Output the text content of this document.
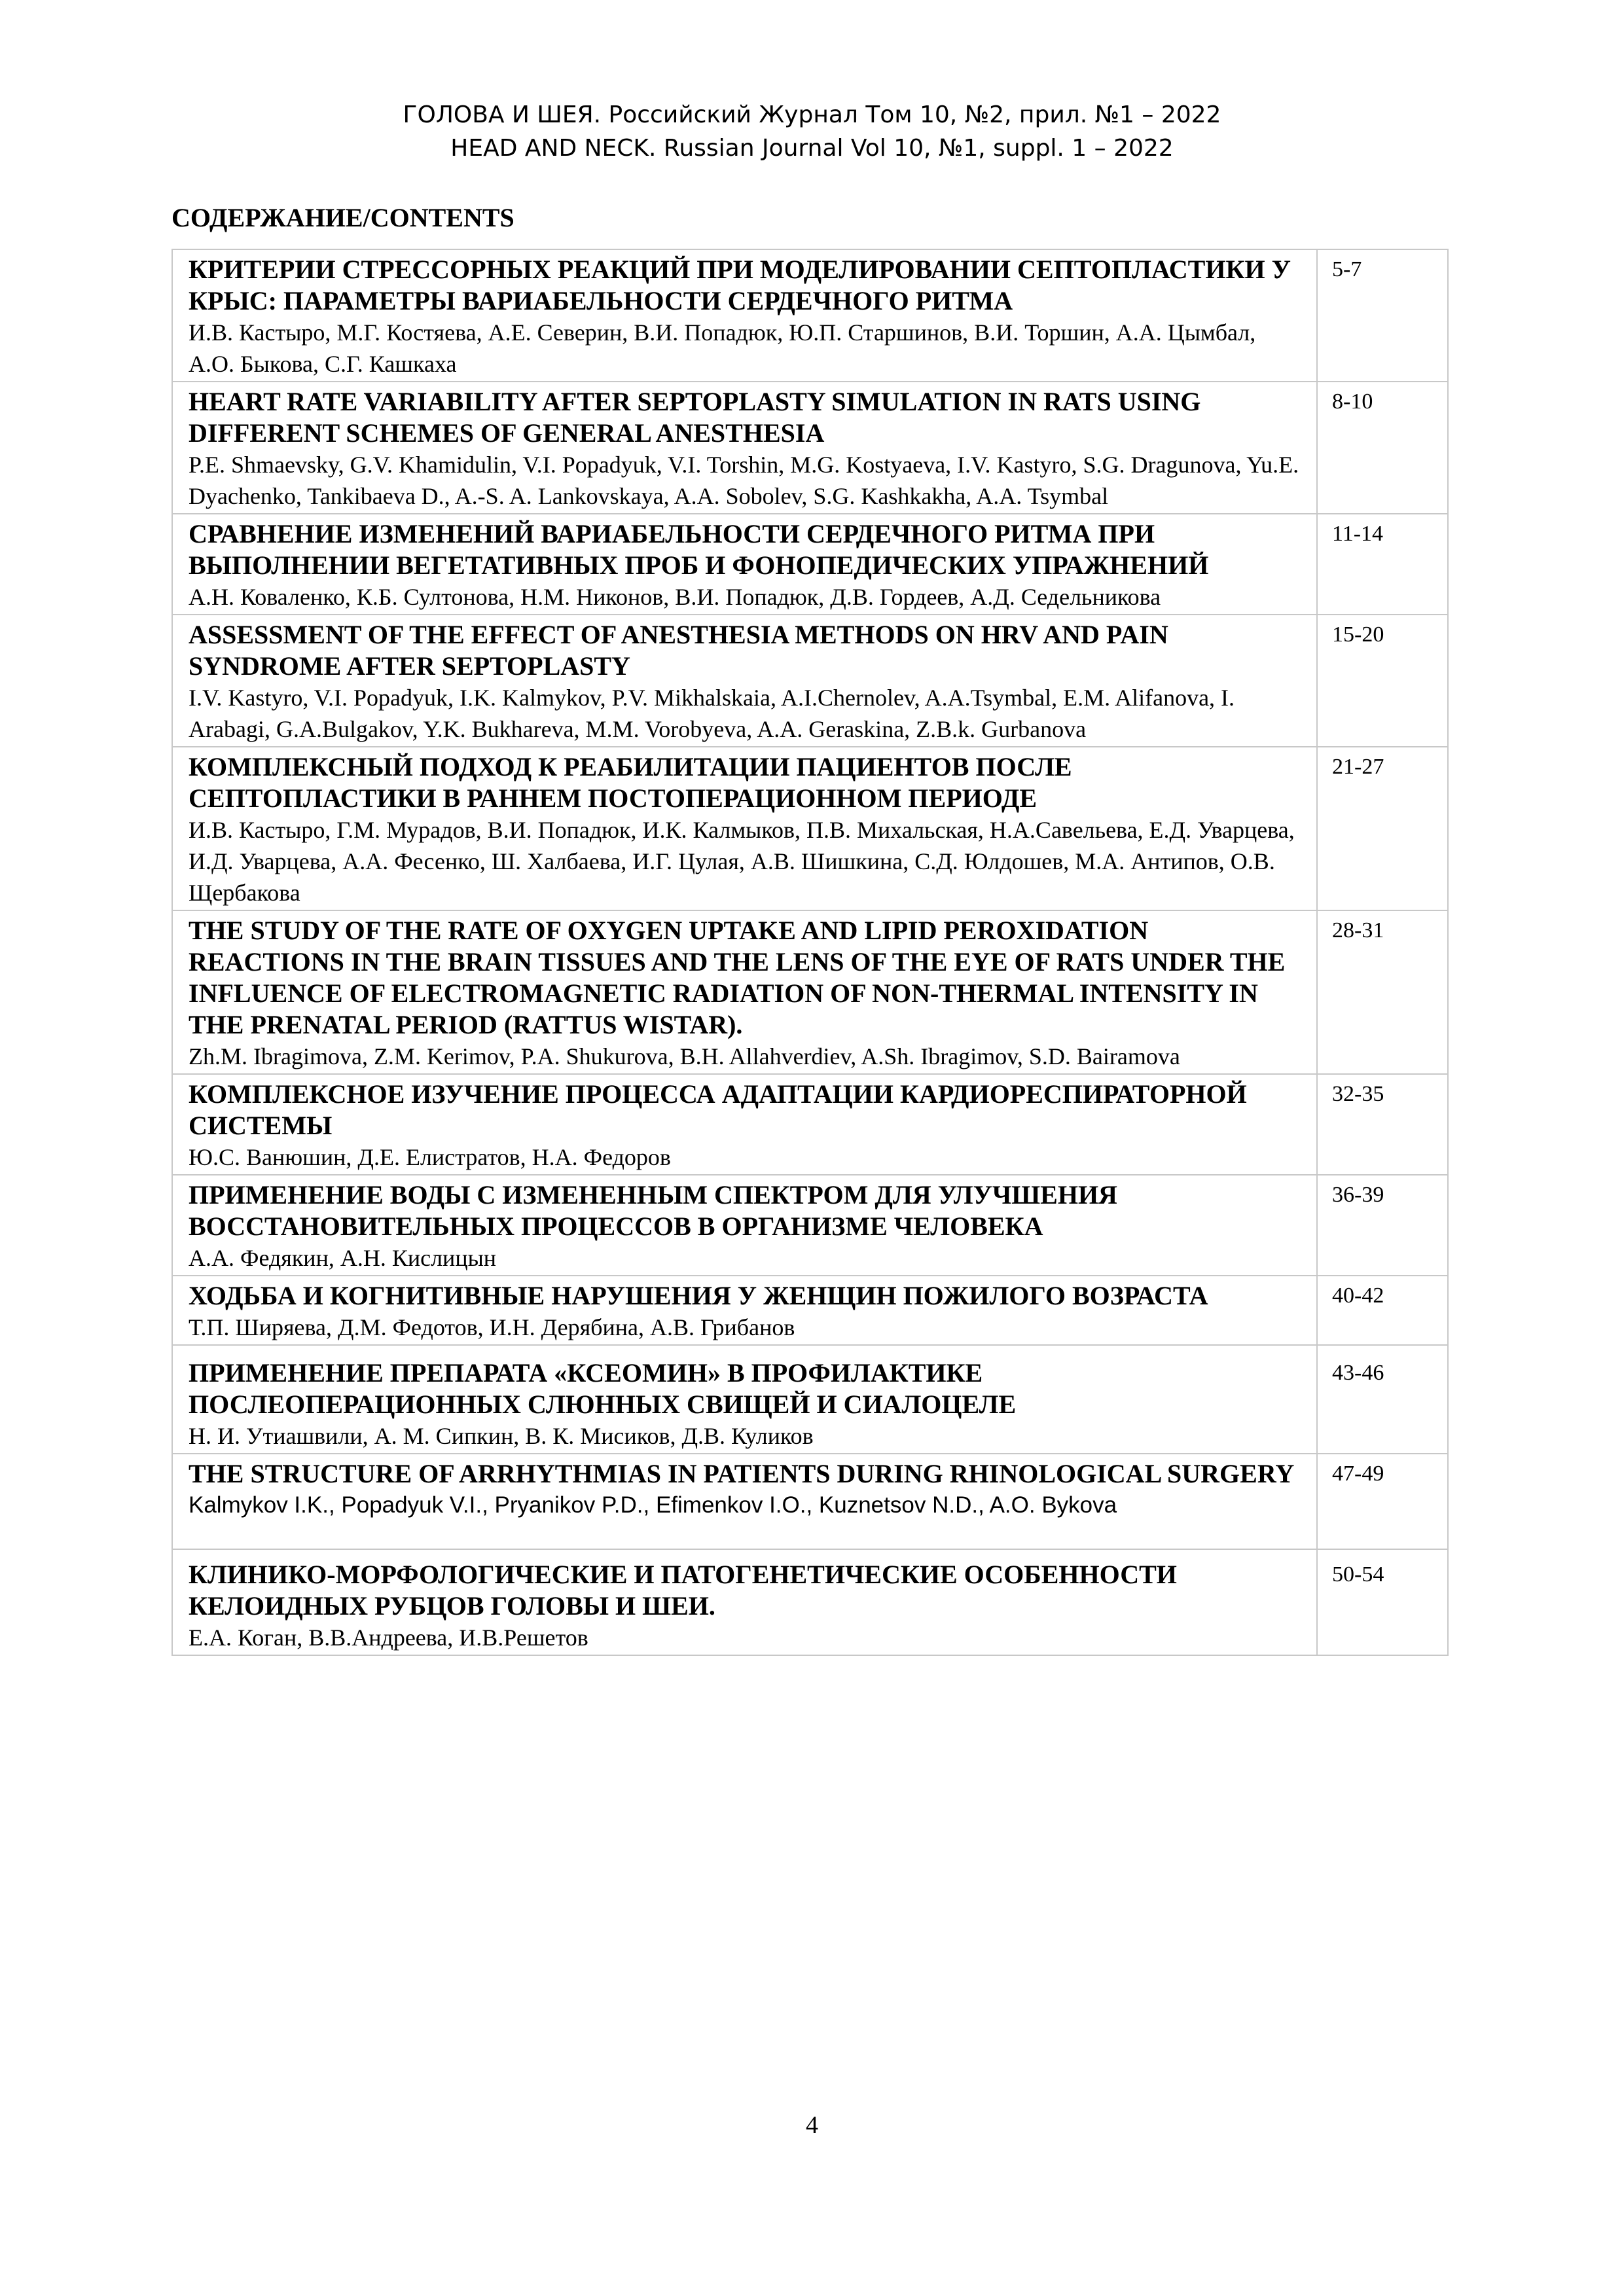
ГОЛОВА И ШЕЯ. Российский Журнал Том 10, №2, прил. №1 – 2022
HEAD AND NECK. Russian Journal Vol 10, №1, suppl. 1 – 2022
СОДЕРЖАНИЕ/CONTENTS
КРИТЕРИИ СТРЕССОРНЫХ РЕАКЦИЙ ПРИ МОДЕЛИРОВАНИИ СЕПТОПЛАСТИКИ У КРЫС: ПАРАМЕТРЫ ВАРИАБЕЛЬНОСТИ СЕРДЕЧНОГО РИТМА
И.В. Кастыро, М.Г. Костяева, А.Е. Северин, В.И. Попадюк, Ю.П. Старшинов, В.И. Торшин, А.А. Цымбал, А.О. Быкова, С.Г. Кашкаха	5-7

HEART RATE VARIABILITY AFTER SEPTOPLASTY SIMULATION IN RATS USING DIFFERENT SCHEMES OF GENERAL ANESTHESIA
P.E. Shmaevsky, G.V. Khamidulin, V.I. Popadyuk, V.I. Torshin, M.G. Kostyaeva, I.V. Kastyro, S.G. Dragunova, Yu.E. Dyachenko, Tankibaeva D., A.-S. A. Lankovskaya, A.A. Sobolev, S.G. Kashkakha, A.A. Tsymbal	8-10

СРАВНЕНИЕ ИЗМЕНЕНИЙ ВАРИАБЕЛЬНОСТИ СЕРДЕЧНОГО РИТМА ПРИ ВЫПОЛНЕНИИ ВЕГЕТАТИВНЫХ ПРОБ И ФОНОПЕДИЧЕСКИХ УПРАЖНЕНИЙ
А.Н. Коваленко, К.Б. Султонова, Н.М. Никонов, В.И. Попадюк, Д.В. Гордеев, А.Д. Седельникова	11-14

ASSESSMENT OF THE EFFECT OF ANESTHESIA METHODS ON HRV AND PAIN SYNDROME AFTER SEPTOPLASTY
I.V. Kastyro, V.I. Popadyuk, I.K. Kalmykov, P.V. Mikhalskaia, A.I.Chernolev, A.A.Tsymbal, E.M. Alifanova, I. Arabagi, G.A.Bulgakov, Y.K. Bukhareva, M.M. Vorobyeva, A.A. Geraskina, Z.B.k. Gurbanova	15-20

КОМПЛЕКСНЫЙ ПОДХОД К РЕАБИЛИТАЦИИ ПАЦИЕНТОВ ПОСЛЕ СЕПТОПЛАСТИКИ В РАННЕМ ПОСТОПЕРАЦИОННОМ ПЕРИОДЕ
И.В. Кастыро, Г.М. Мурадов, В.И. Попадюк, И.К. Калмыков, П.В. Михальская, Н.А.Савельева, Е.Д. Уварцева, И.Д. Уварцева, А.А. Фесенко, Ш. Халбаева, И.Г. Цулая, А.В. Шишкина, С.Д. Юлдошев, М.А. Антипов, О.В. Щербакова	21-27

THE STUDY OF THE RATE OF OXYGEN UPTAKE AND LIPID PEROXIDATION REACTIONS IN THE BRAIN TISSUES AND THE LENS OF THE EYE OF RATS UNDER THE INFLUENCE OF ELECTROMAGNETIC RADIATION OF NON-THERMAL INTENSITY IN THE PRENATAL PERIOD (RATTUS WISTAR).
Zh.M. Ibragimova, Z.M. Kerimov, P.A. Shukurova, B.H. Allahverdiev, A.Sh. Ibragimov, S.D. Bairamova	28-31

КОМПЛЕКСНОЕ ИЗУЧЕНИЕ ПРОЦЕССА АДАПТАЦИИ КАРДИОРЕСПИРАТОРНОЙ СИСТЕМЫ
Ю.С. Ванюшин, Д.Е. Елистратов, Н.А. Федоров	32-35

ПРИМЕНЕНИЕ ВОДЫ С ИЗМЕНЕННЫМ СПЕКТРОМ ДЛЯ УЛУЧШЕНИЯ ВОССТАНОВИТЕЛЬНЫХ ПРОЦЕССОВ В ОРГАНИЗМЕ ЧЕЛОВЕКА
А.А. Федякин, А.Н. Кислицын	36-39

ХОДЬБА И КОГНИТИВНЫЕ НАРУШЕНИЯ У ЖЕНЩИН ПОЖИЛОГО ВОЗРАСТА
Т.П. Ширяева, Д.М. Федотов, И.Н. Дерябина, А.В. Грибанов	40-42

ПРИМЕНЕНИЕ ПРЕПАРАТА «КСЕОМИН» В ПРОФИЛАКТИКЕ ПОСЛЕОПЕРАЦИОННЫХ СЛЮННЫХ СВИЩЕЙ И СИАЛОЦЕЛЕ
Н. И. Утиашвили, А. М. Сипкин, В. К. Мисиков, Д.В. Куликов	43-46

THE STRUCTURE OF ARRHYTHMIAS IN PATIENTS DURING RHINOLOGICAL SURGERY
Kalmykov I.K., Popadyuk V.I., Pryanikov P.D., Efimenkov I.O., Kuznetsov N.D., A.O. Bykova	47-49

КЛИНИКО-МОРФОЛОГИЧЕСКИЕ И ПАТОГЕНЕТИЧЕСКИЕ ОСОБЕННОСТИ КЕЛОИДНЫХ РУБЦОВ ГОЛОВЫ И ШЕИ.
Е.А. Коган, В.В.Андреева, И.В.Решетов	50-54
4
